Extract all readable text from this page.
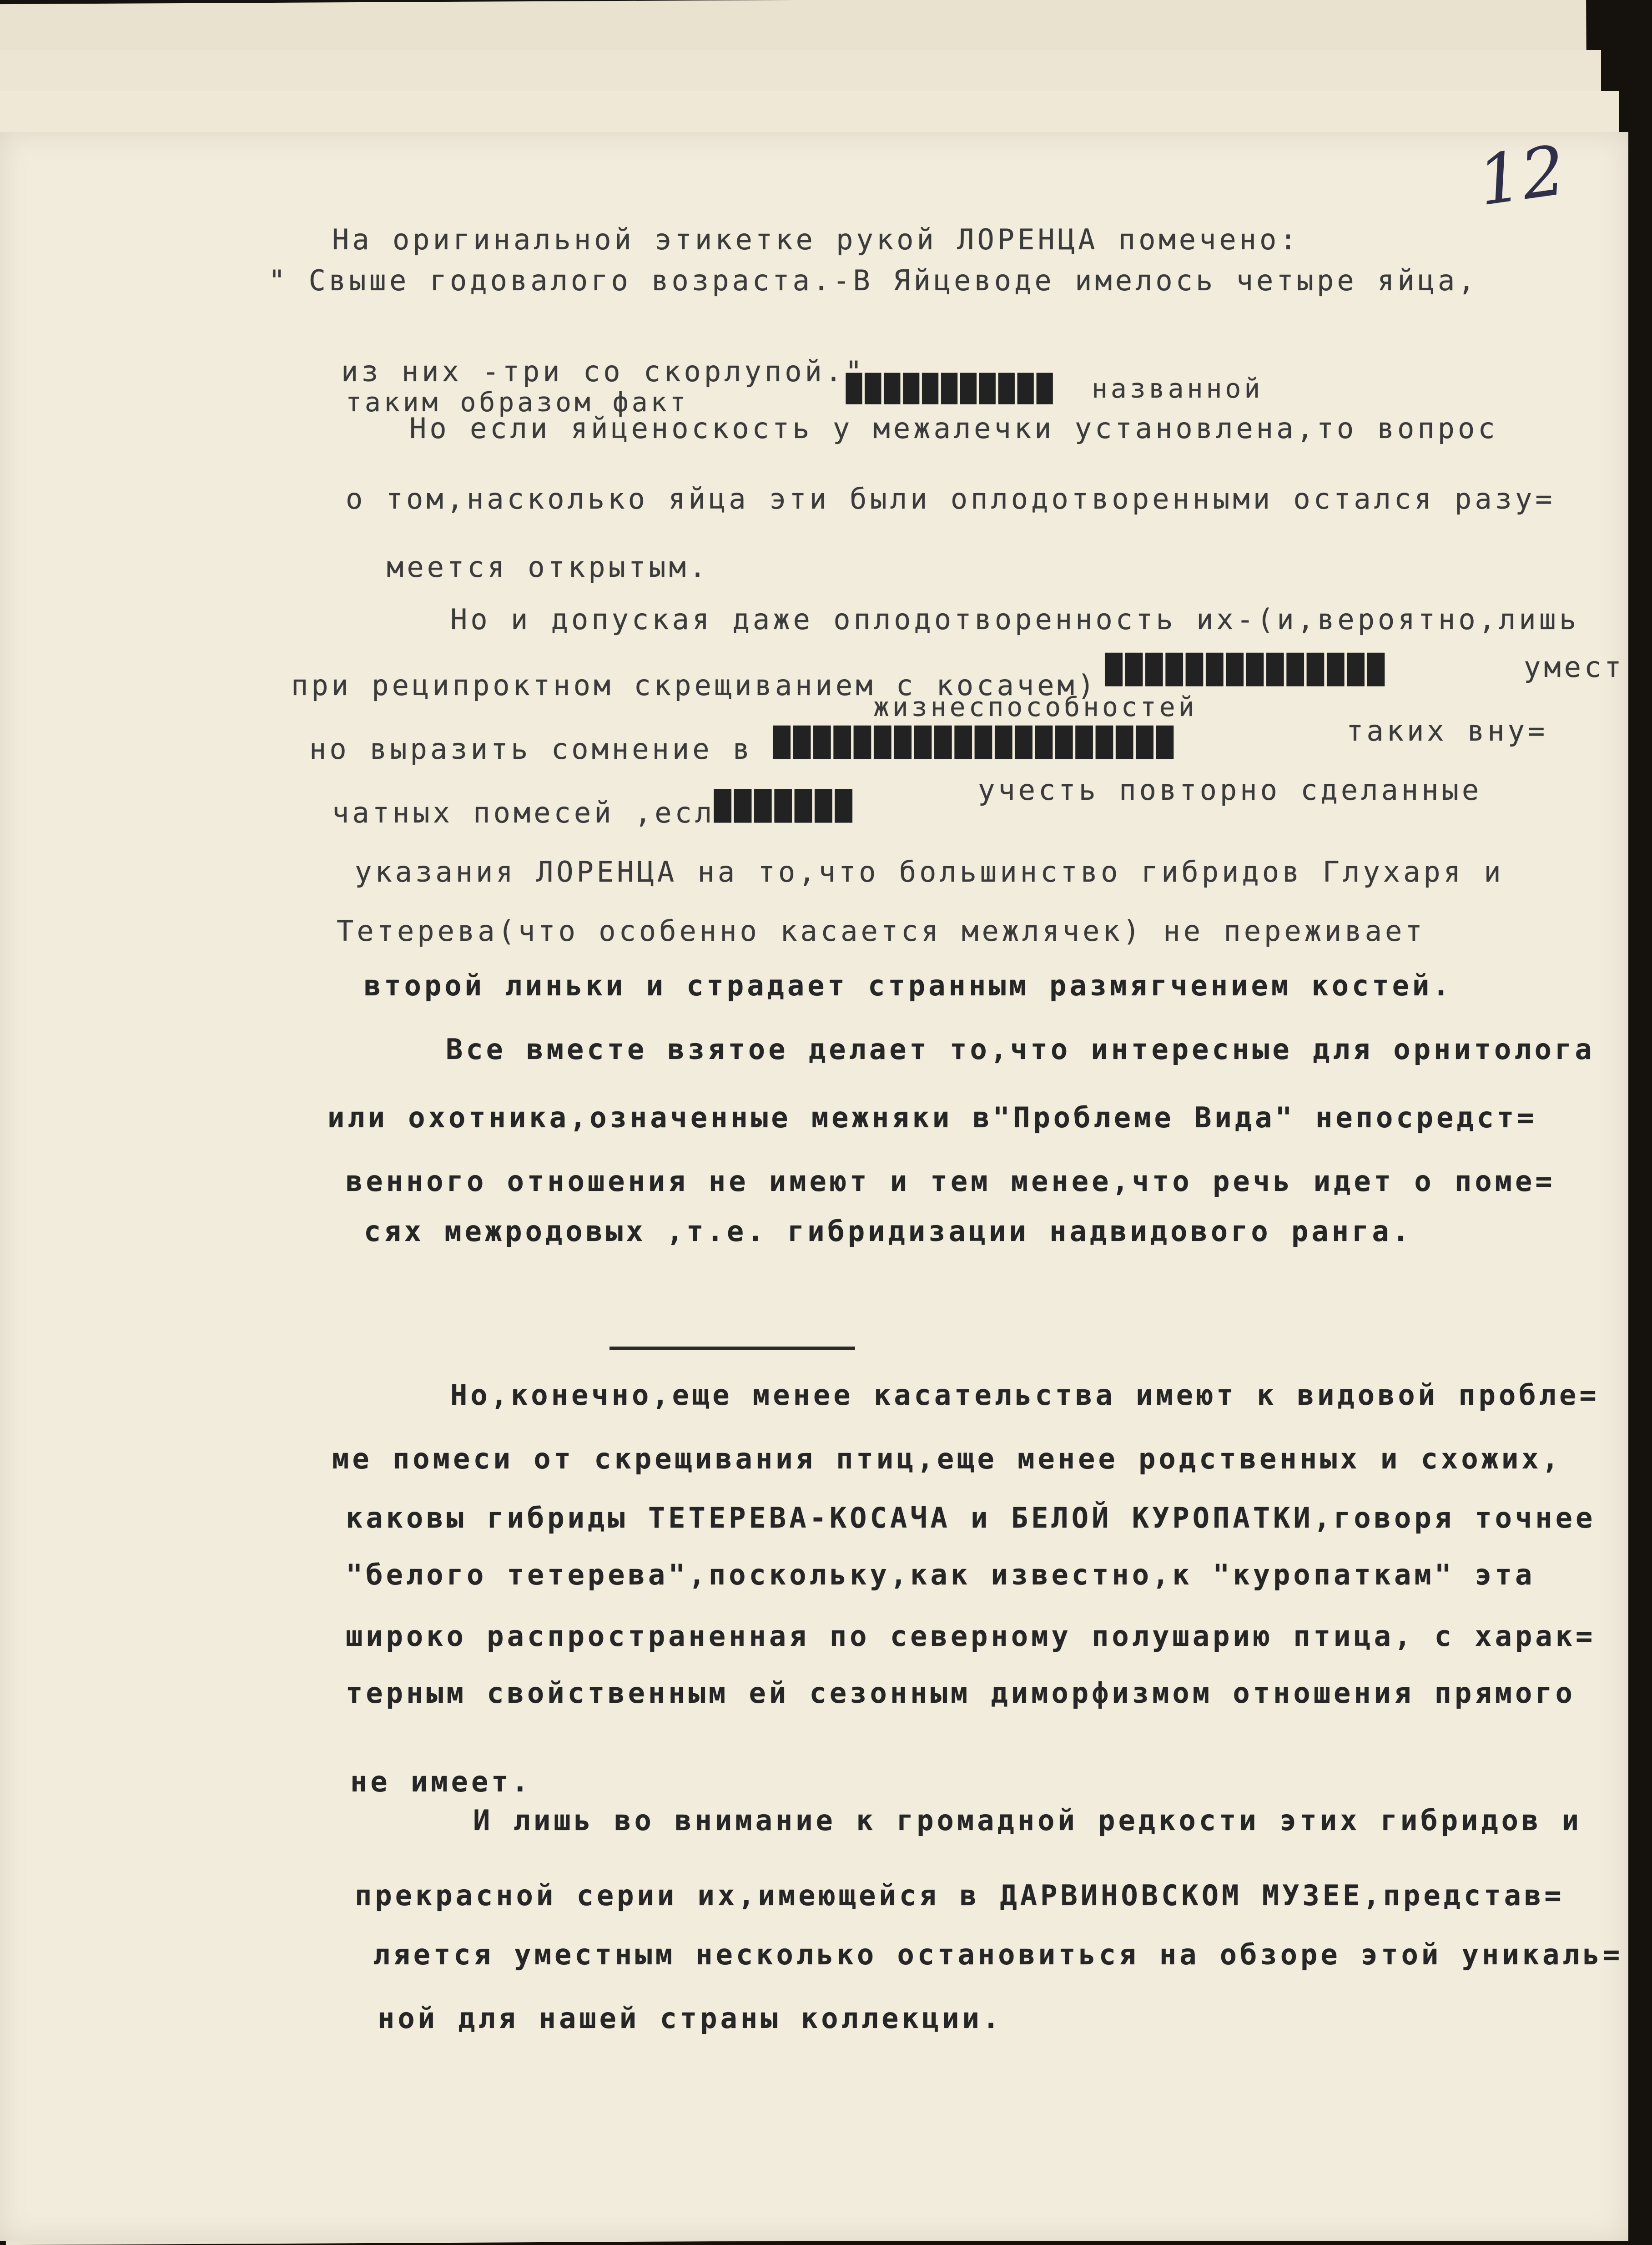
12
На оригинальной этикетке рукой ЛОРЕНЦА помечено:
" Свыше годовалого возраста.-В Яйцеводе имелось четыре яйца,
из них -три со скорлупой."
таким образом факт	███████████ названной
Но если яйценоскость у межалечки установлена,то вопрос
о том,насколько яйца эти были оплодотворенными остался разу=
меется открытым.
Но и допуская даже оплодотворенность их-(и,вероятно,лишь
при реципроктном скрещиванием с косачем) ██████████████	умест
жизнеспособностей
но выразить сомнение в ████████████████████	таких вну=
чатных помесей ,если
███████	учесть повторно сделанные
указания ЛОРЕНЦА на то,что большинство гибридов Глухаря и
Тетерева(что особенно касается межлячек) не переживает
второй линьки и страдает странным размягчением костей.
Все вместе взятое делает то,что интересные для орнитолога
или охотника,означенные межняки в"Проблеме Вида" непосредст=
венного отношения не имеют и тем менее,что речь идет о поме=
сях межродовых ,т.е. гибридизации надвидового ранга.
Но,конечно,еще менее касательства имеют к видовой пробле=
ме помеси от скрещивания птиц,еще менее родственных и схожих,
каковы гибриды ТЕТЕРЕВА-КОСАЧА и БЕЛОЙ КУРОПАТКИ,говоря точнее
"белого тетерева",поскольку,как известно,к "куропаткам" эта
широко распространенная по северному полушарию птица, с харак=
терным свойственным ей сезонным диморфизмом отношения прямого
не имеет.
И лишь во внимание к громадной редкости этих гибридов и
прекрасной серии их,имеющейся в ДАРВИНОВСКОМ МУЗЕЕ,представ=
ляется уместным несколько остановиться на обзоре этой уникаль=
ной для нашей страны коллекции.
